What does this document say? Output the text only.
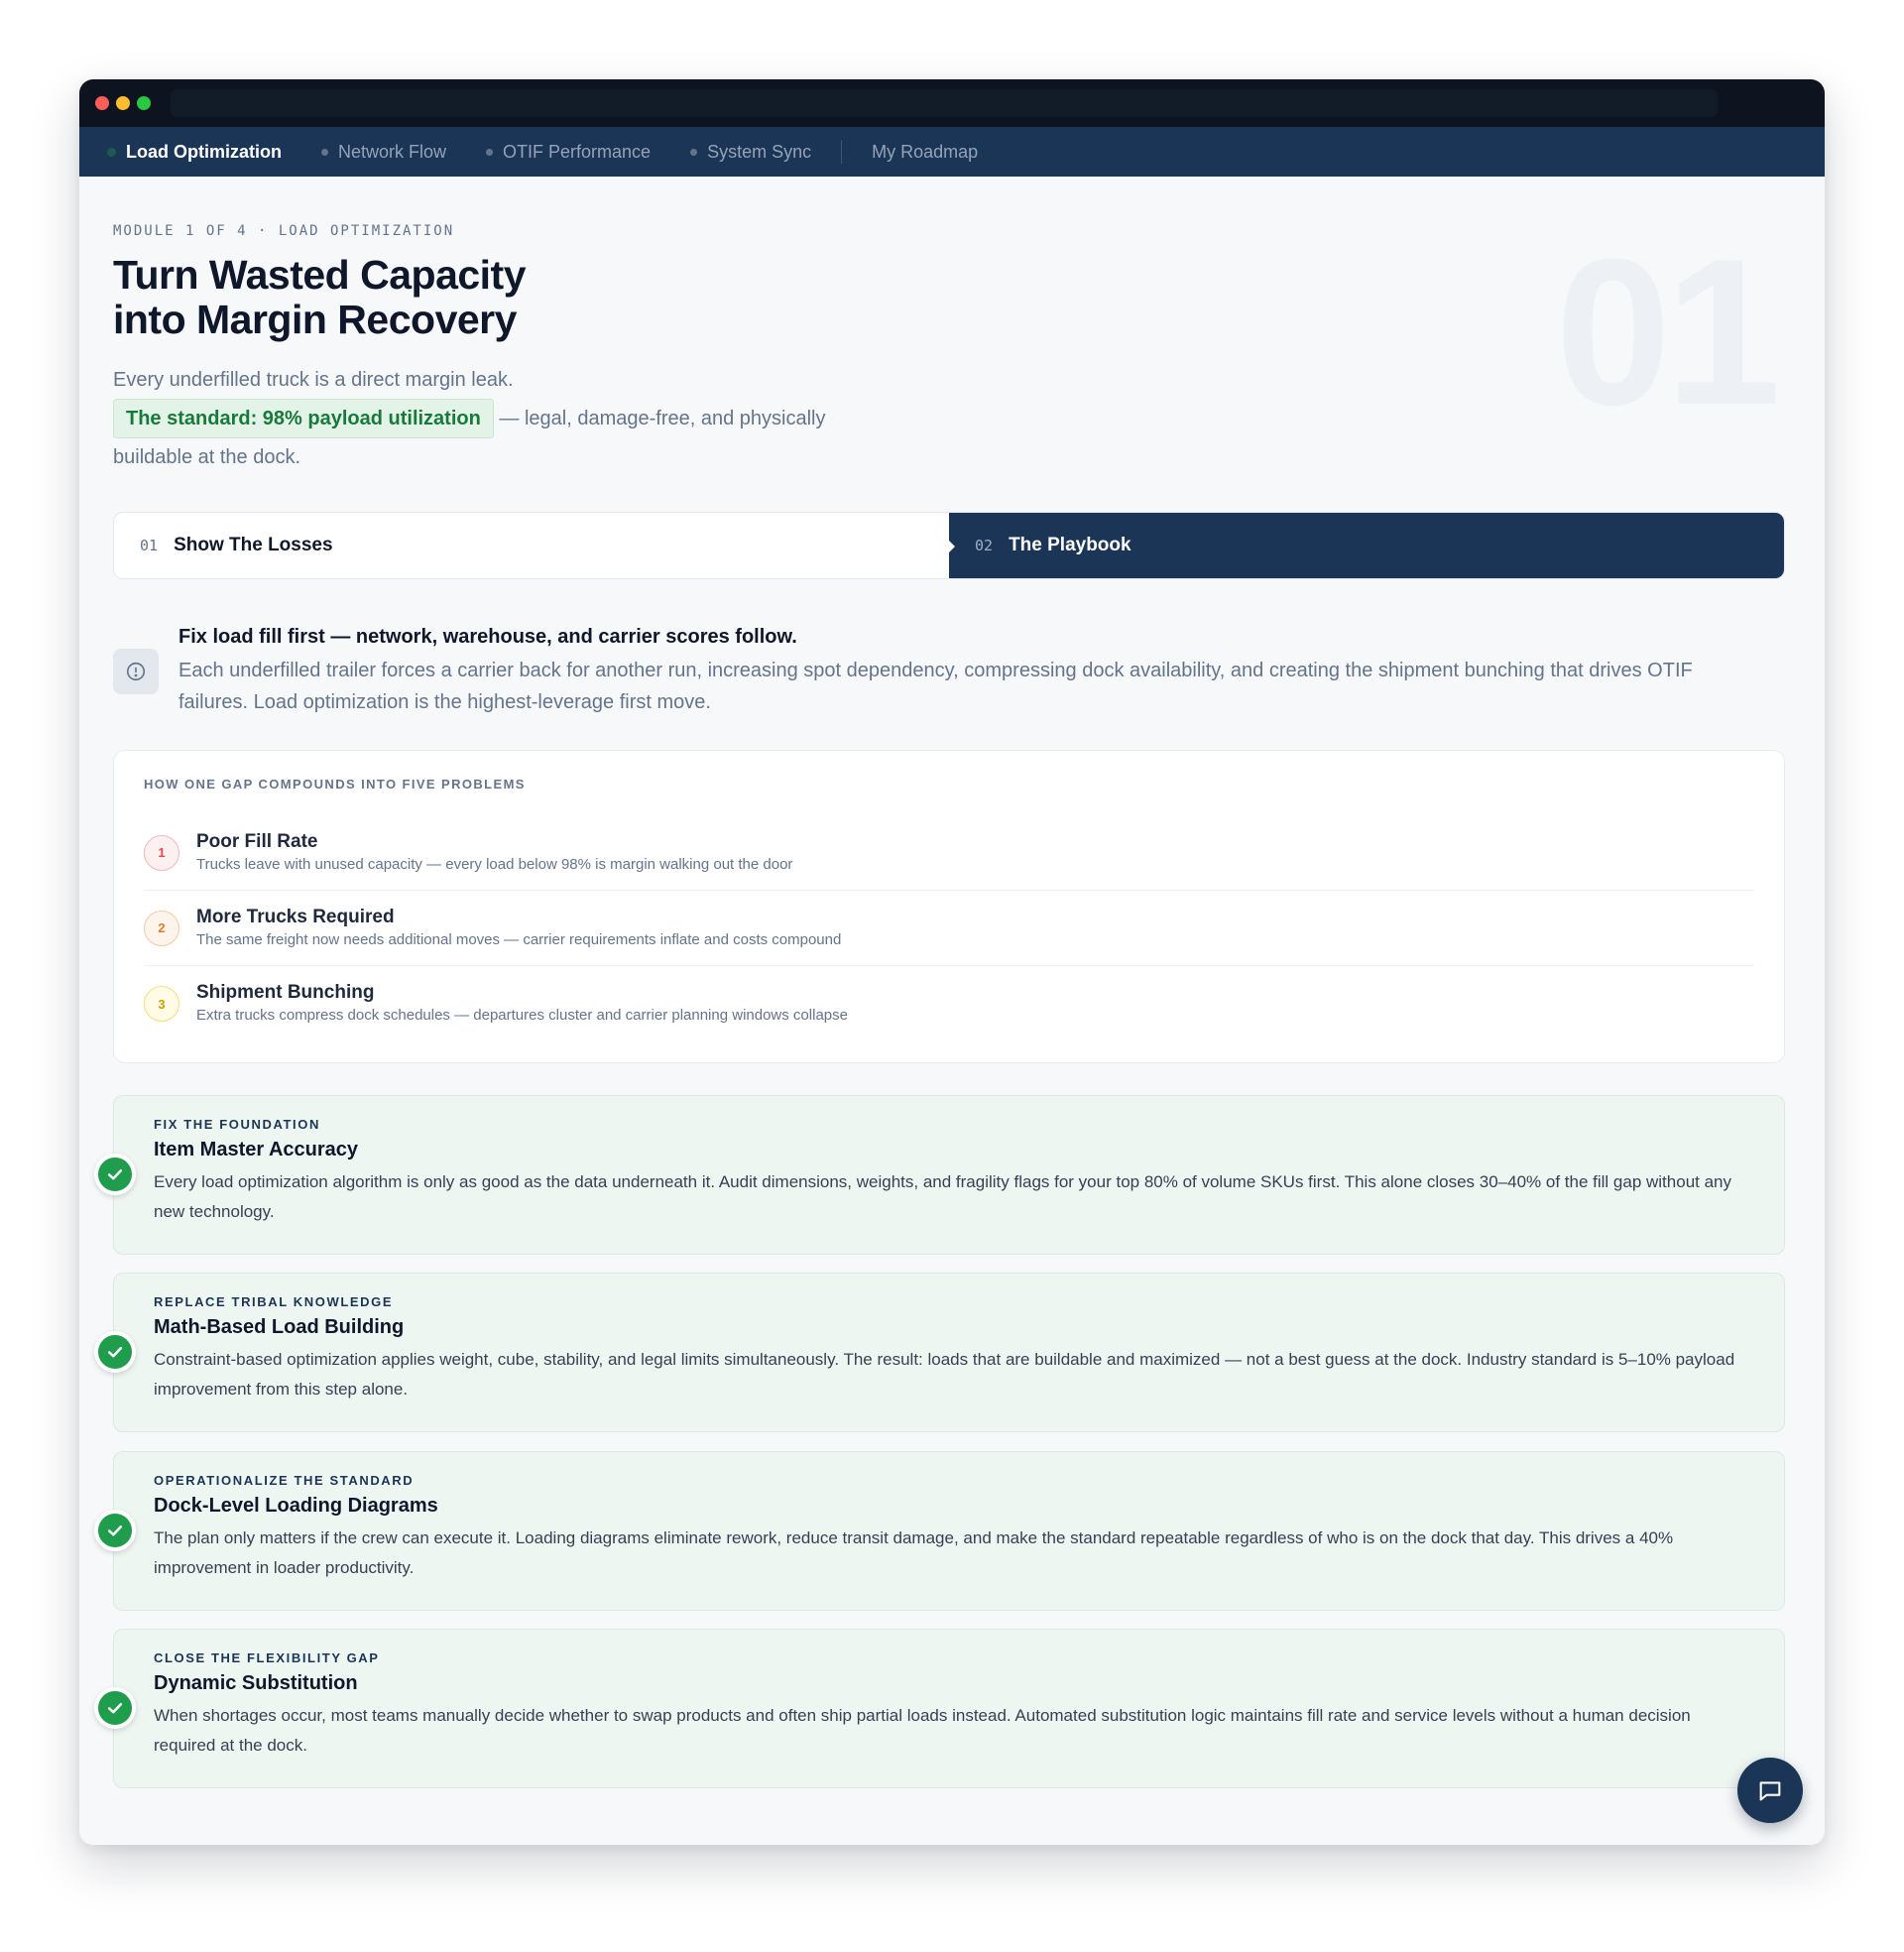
Load Optimization	Network Flow	OTIF Performance	System Sync	My Roadmap
01
MODULE 1 OF 4 · LOAD OPTIMIZATION
Turn Wasted Capacity
into Margin Recovery

Every underfilled truck is a direct margin leak.
The standard: 98% payload utilization — legal, damage-free, and physically buildable at the dock.

01 Show The Losses	02 The Playbook
Fix load fill first — network, warehouse, and carrier scores follow.
Each underfilled trailer forces a carrier back for another run, increasing spot dependency, compressing dock availability, and creating the shipment bunching that drives OTIF failures. Load optimization is the highest-leverage first move.
HOW ONE GAP COMPOUNDS INTO FIVE PROBLEMS
1
Poor Fill Rate
Trucks leave with unused capacity — every load below 98% is margin walking out the door
2
More Trucks Required
The same freight now needs additional moves — carrier requirements inflate and costs compound
3
Shipment Bunching
Extra trucks compress dock schedules — departures cluster and carrier planning windows collapse
FIX THE FOUNDATION
Item Master Accuracy
Every load optimization algorithm is only as good as the data underneath it. Audit dimensions, weights, and fragility flags for your top 80% of volume SKUs first. This alone closes 30–40% of the fill gap without any new technology.
REPLACE TRIBAL KNOWLEDGE
Math-Based Load Building
Constraint-based optimization applies weight, cube, stability, and legal limits simultaneously. The result: loads that are buildable and maximized — not a best guess at the dock. Industry standard is 5–10% payload improvement from this step alone.
OPERATIONALIZE THE STANDARD
Dock-Level Loading Diagrams
The plan only matters if the crew can execute it. Loading diagrams eliminate rework, reduce transit damage, and make the standard repeatable regardless of who is on the dock that day. This drives a 40% improvement in loader productivity.
CLOSE THE FLEXIBILITY GAP
Dynamic Substitution
When shortages occur, most teams manually decide whether to swap products and often ship partial loads instead. Automated substitution logic maintains fill rate and service levels without a human decision required at the dock.
